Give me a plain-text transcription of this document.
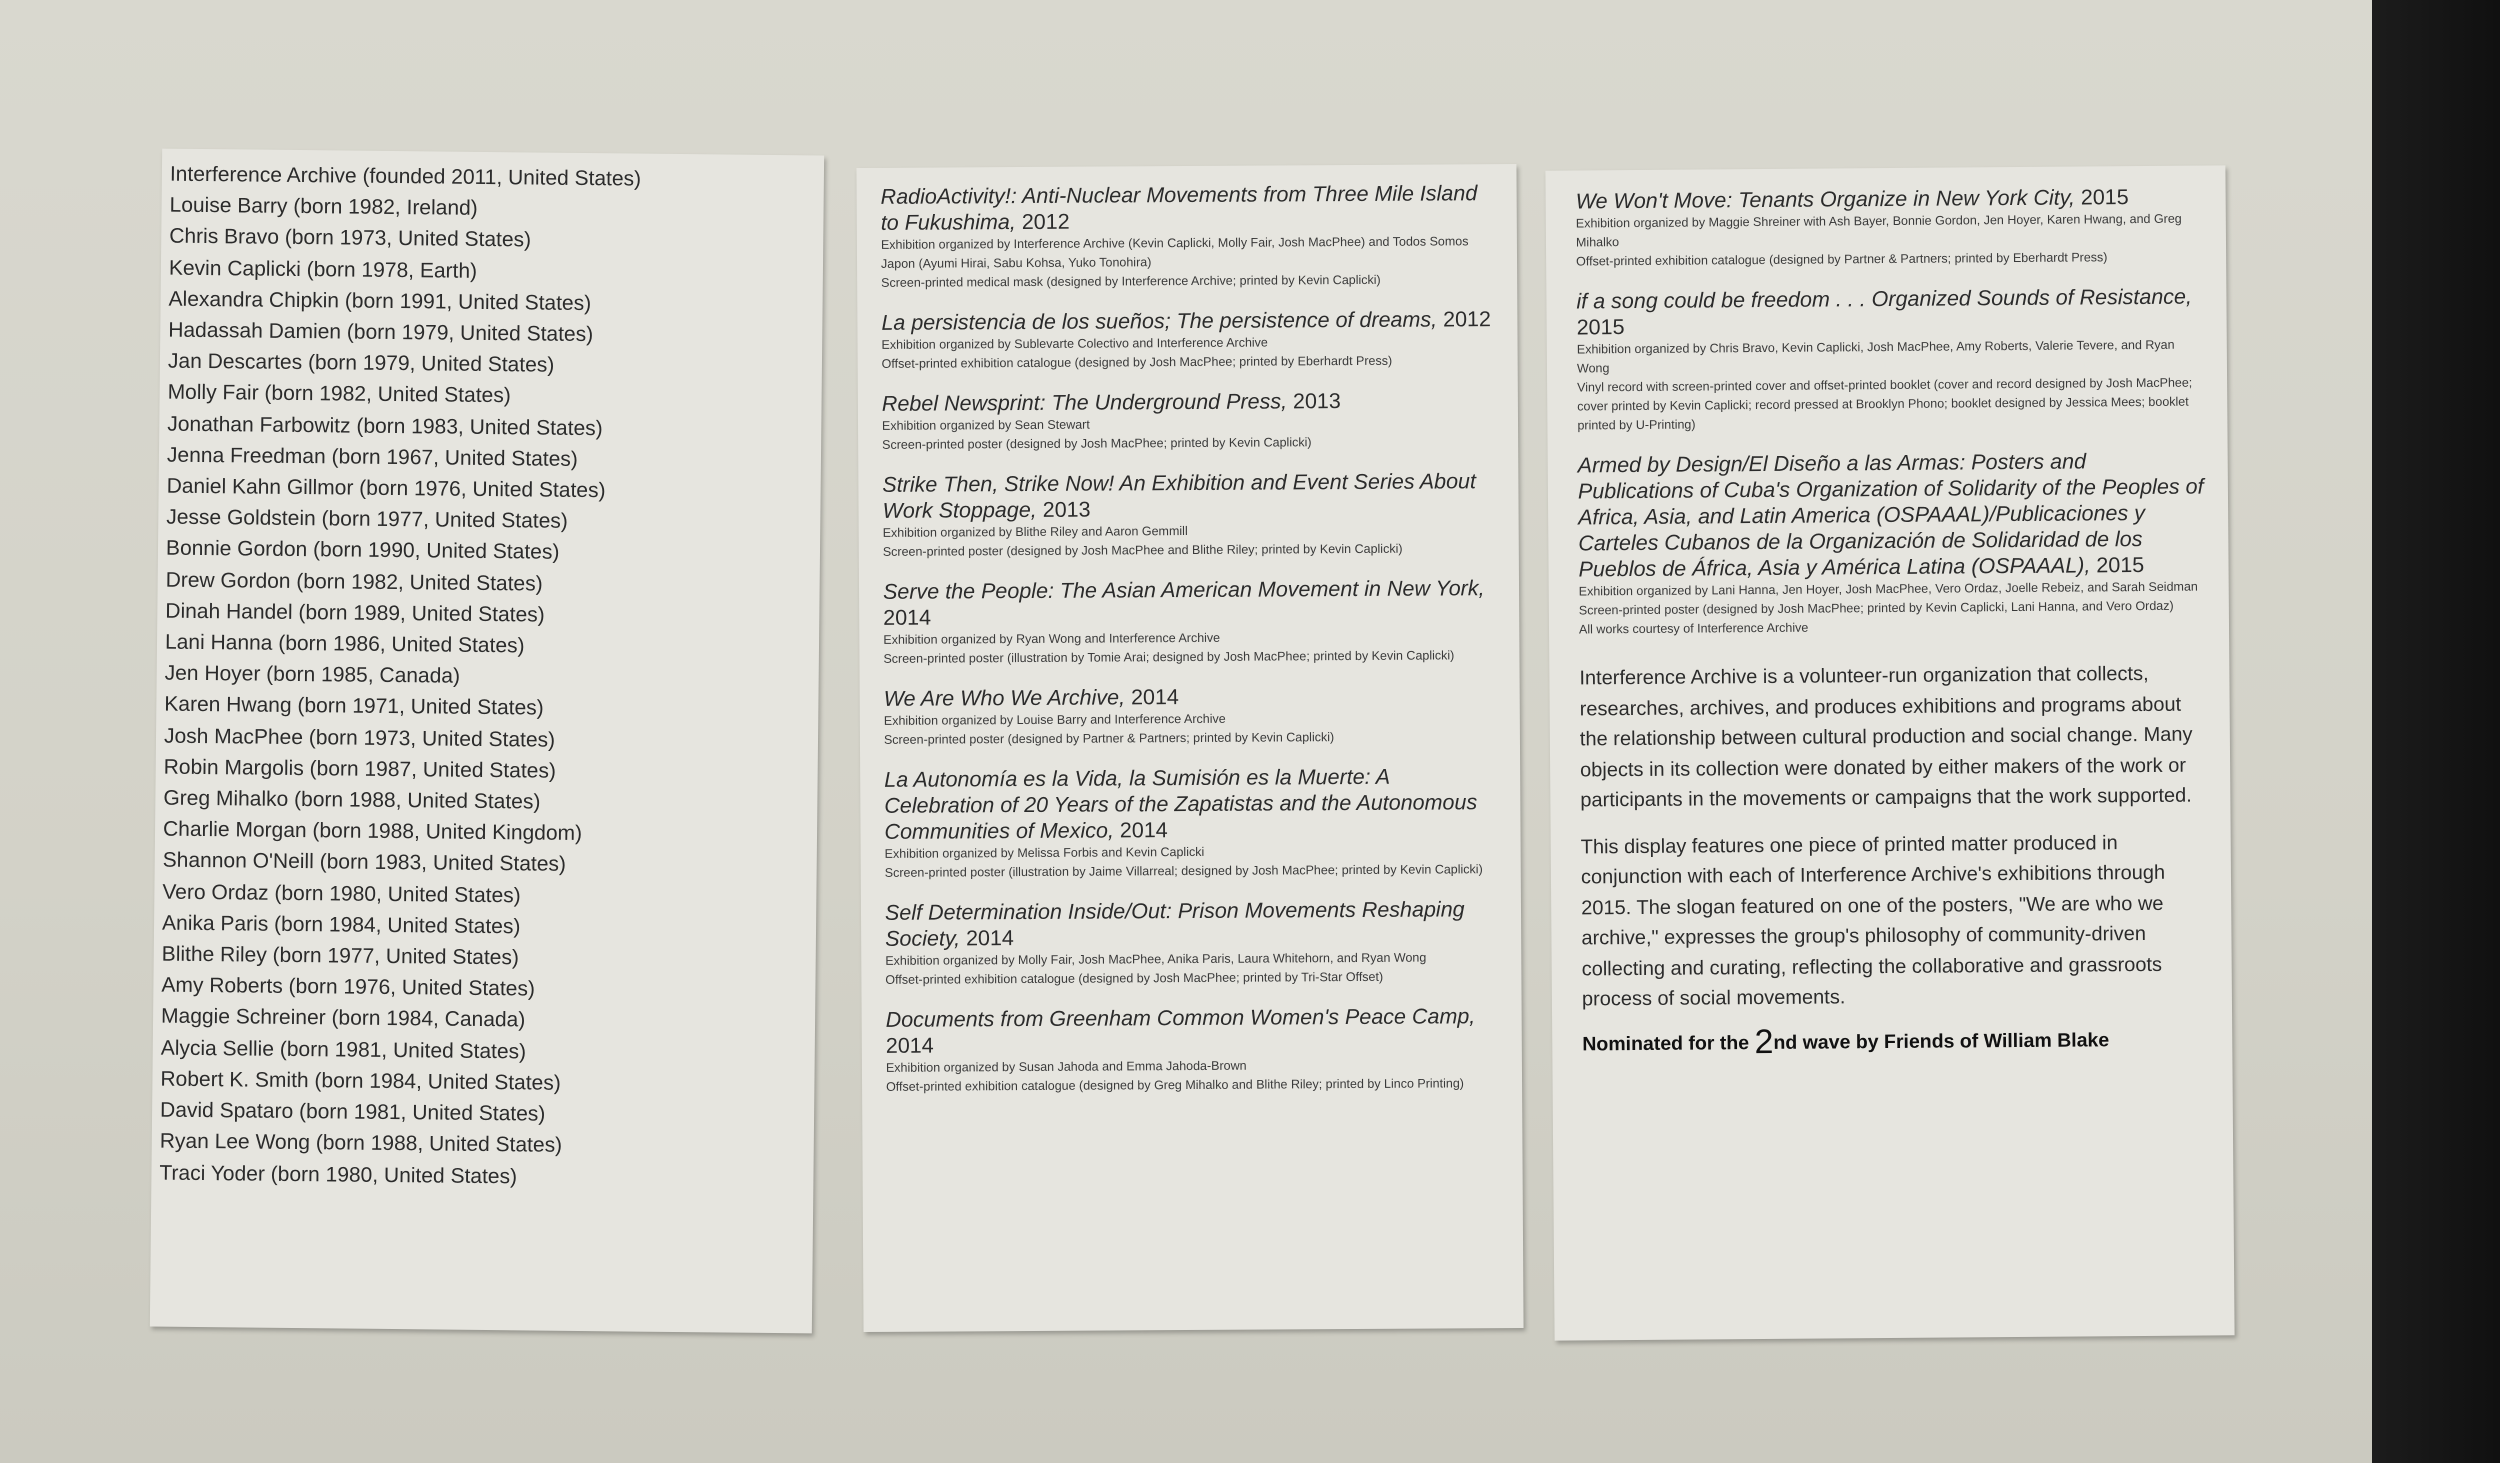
Interference Archive (founded 2011, United States)
Louise Barry (born 1982, Ireland)
Chris Bravo (born 1973, United States)
Kevin Caplicki (born 1978, Earth)
Alexandra Chipkin (born 1991, United States)
Hadassah Damien (born 1979, United States)
Jan Descartes (born 1979, United States)
Molly Fair (born 1982, United States)
Jonathan Farbowitz (born 1983, United States)
Jenna Freedman (born 1967, United States)
Daniel Kahn Gillmor (born 1976, United States)
Jesse Goldstein (born 1977, United States)
Bonnie Gordon (born 1990, United States)
Drew Gordon (born 1982, United States)
Dinah Handel (born 1989, United States)
Lani Hanna (born 1986, United States)
Jen Hoyer (born 1985, Canada)
Karen Hwang (born 1971, United States)
Josh MacPhee (born 1973, United States)
Robin Margolis (born 1987, United States)
Greg Mihalko (born 1988, United States)
Charlie Morgan (born 1988, United Kingdom)
Shannon O'Neill (born 1983, United States)
Vero Ordaz (born 1980, United States)
Anika Paris (born 1984, United States)
Blithe Riley (born 1977, United States)
Amy Roberts (born 1976, United States)
Maggie Schreiner (born 1984, Canada)
Alycia Sellie (born 1981, United States)
Robert K. Smith (born 1984, United States)
David Spataro (born 1981, United States)
Ryan Lee Wong (born 1988, United States)
Traci Yoder (born 1980, United States)
RadioActivity!: Anti-Nuclear Movements from Three Mile Island to Fukushima, 2012
Exhibition organized by Interference Archive (Kevin Caplicki, Molly Fair, Josh MacPhee) and Todos Somos Japon (Ayumi Hirai, Sabu Kohsa, Yuko Tonohira)
Screen-printed medical mask (designed by Interference Archive; printed by Kevin Caplicki)
La persistencia de los sueños; The persistence of dreams, 2012
Exhibition organized by Sublevarte Colectivo and Interference Archive
Offset-printed exhibition catalogue (designed by Josh MacPhee; printed by Eberhardt Press)
Rebel Newsprint: The Underground Press, 2013
Exhibition organized by Sean Stewart
Screen-printed poster (designed by Josh MacPhee; printed by Kevin Caplicki)
Strike Then, Strike Now! An Exhibition and Event Series About Work Stoppage, 2013
Exhibition organized by Blithe Riley and Aaron Gemmill
Screen-printed poster (designed by Josh MacPhee and Blithe Riley; printed by Kevin Caplicki)
Serve the People: The Asian American Movement in New York, 2014
Exhibition organized by Ryan Wong and Interference Archive
Screen-printed poster (illustration by Tomie Arai; designed by Josh MacPhee; printed by Kevin Caplicki)
We Are Who We Archive, 2014
Exhibition organized by Louise Barry and Interference Archive
Screen-printed poster (designed by Partner & Partners; printed by Kevin Caplicki)
La Autonomía es la Vida, la Sumisión es la Muerte: A Celebration of 20 Years of the Zapatistas and the Autonomous Communities of Mexico, 2014
Exhibition organized by Melissa Forbis and Kevin Caplicki
Screen-printed poster (illustration by Jaime Villarreal; designed by Josh MacPhee; printed by Kevin Caplicki)
Self Determination Inside/Out: Prison Movements Reshaping Society, 2014
Exhibition organized by Molly Fair, Josh MacPhee, Anika Paris, Laura Whitehorn, and Ryan Wong
Offset-printed exhibition catalogue (designed by Josh MacPhee; printed by Tri-Star Offset)
Documents from Greenham Common Women's Peace Camp, 2014
Exhibition organized by Susan Jahoda and Emma Jahoda-Brown
Offset-printed exhibition catalogue (designed by Greg Mihalko and Blithe Riley; printed by Linco Printing)
We Won't Move: Tenants Organize in New York City, 2015
Exhibition organized by Maggie Shreiner with Ash Bayer, Bonnie Gordon, Jen Hoyer, Karen Hwang, and Greg Mihalko
Offset-printed exhibition catalogue (designed by Partner & Partners; printed by Eberhardt Press)
if a song could be freedom . . . Organized Sounds of Resistance, 2015
Exhibition organized by Chris Bravo, Kevin Caplicki, Josh MacPhee, Amy Roberts, Valerie Tevere, and Ryan Wong
Vinyl record with screen-printed cover and offset-printed booklet (cover and record designed by Josh MacPhee; cover printed by Kevin Caplicki; record pressed at Brooklyn Phono; booklet designed by Jessica Mees; booklet printed by U-Printing)
Armed by Design/El Diseño a las Armas: Posters and Publications of Cuba's Organization of Solidarity of the Peoples of Africa, Asia, and Latin America (OSPAAAL)/Publicaciones y Carteles Cubanos de la Organización de Solidaridad de los Pueblos de África, Asia y América Latina (OSPAAAL), 2015
Exhibition organized by Lani Hanna, Jen Hoyer, Josh MacPhee, Vero Ordaz, Joelle Rebeiz, and Sarah Seidman
Screen-printed poster (designed by Josh MacPhee; printed by Kevin Caplicki, Lani Hanna, and Vero Ordaz)
All works courtesy of Interference Archive
Interference Archive is a volunteer-run organization that collects, researches, archives, and produces exhibitions and programs about the relationship between cultural production and social change. Many objects in its collection were donated by either makers of the work or participants in the movements or campaigns that the work supported.
This display features one piece of printed matter produced in conjunction with each of Interference Archive's exhibitions through 2015. The slogan featured on one of the posters, "We are who we archive," expresses the group's philosophy of community-driven collecting and curating, reflecting the collaborative and grassroots process of social movements.
Nominated for the 2nd wave by Friends of William Blake
